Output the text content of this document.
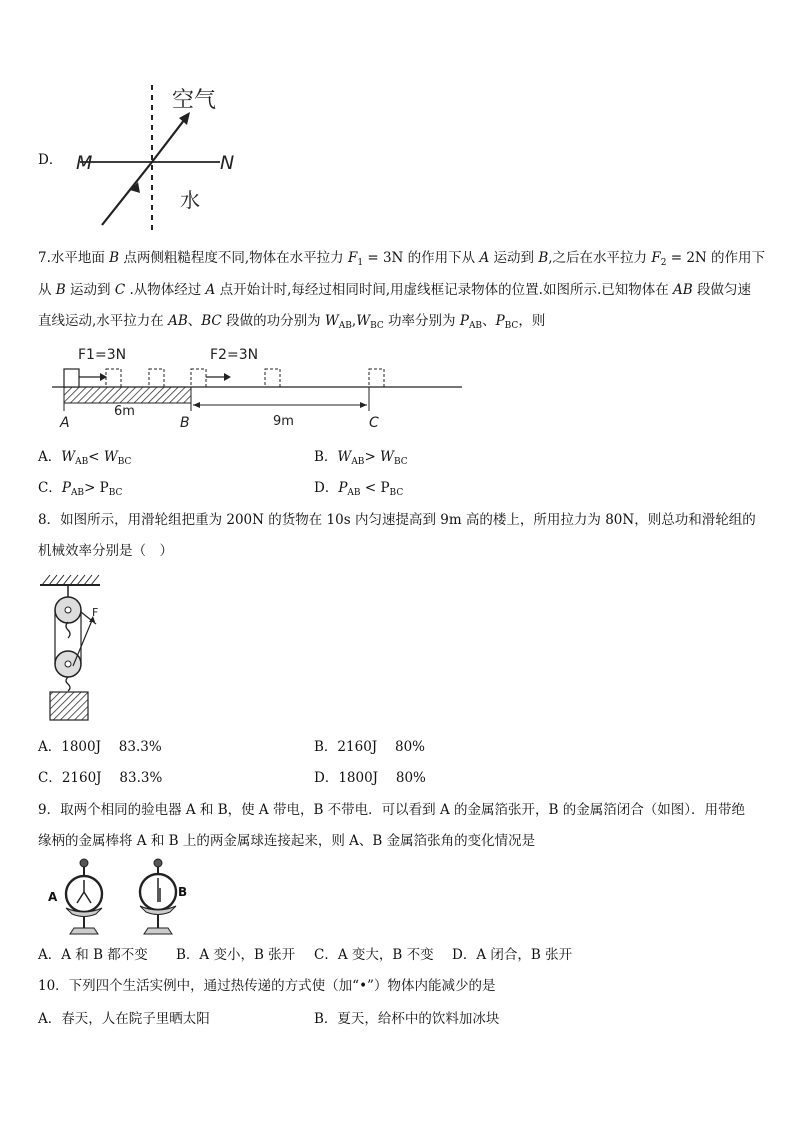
D．
空气
水
M	N
7.水平地面 B 点两侧粗糙程度不同,物体在水平拉力 $F_1 = 3N$ 的作用下从 A 运动到 B,之后在水平拉力 $F_2 = 2N$ 的作用下
从 B 运动到 C .从物体经过 A 点开始计时,每经过相同时间,用虚线框记录物体的位置.如图所示.已知物体在 AB 段做匀速
直线运动,水平拉力在 AB、BC 段做的功分别为 $W_{AB},W_{BC}$ 功率分别为 $P_{AB}$、$P_{BC}$，则
F1=3N	F2=3N
6m
9m
A	B	C
A．$W_{AB}< W_{BC}$	B．$W_{AB}> W_{BC}$
C．$P_{AB}> P_{BC}$	D．$P_{AB} < P_{BC}$
8．如图所示，用滑轮组把重为 200N 的货物在 10s 内匀速提高到 9m 高的楼上，所用拉力为 80N，则总功和滑轮组的
机械效率分别是（　）
F
A．1800J　 83.3%	B．2160J　 80%
C．2160J　 83.3%	D．1800J　 80%
9．取两个相同的验电器 A 和 B，使 A 带电，B 不带电．可以看到 A 的金属箔张开，B 的金属箔闭合（如图）．用带绝
缘柄的金属棒将 A 和 B 上的两金属球连接起来，则 A、B 金属箔张角的变化情况是
A	B
A．A 和 B 都不变 B．A 变小，B 张开 C．A 变大，B 不变 D．A 闭合，B 张开
10．下列四个生活实例中，通过热传递的方式使（加“•”）物体内能减少的是
A．春天，人在院子里晒太阳	B．夏天，给杯中的饮料加冰块
